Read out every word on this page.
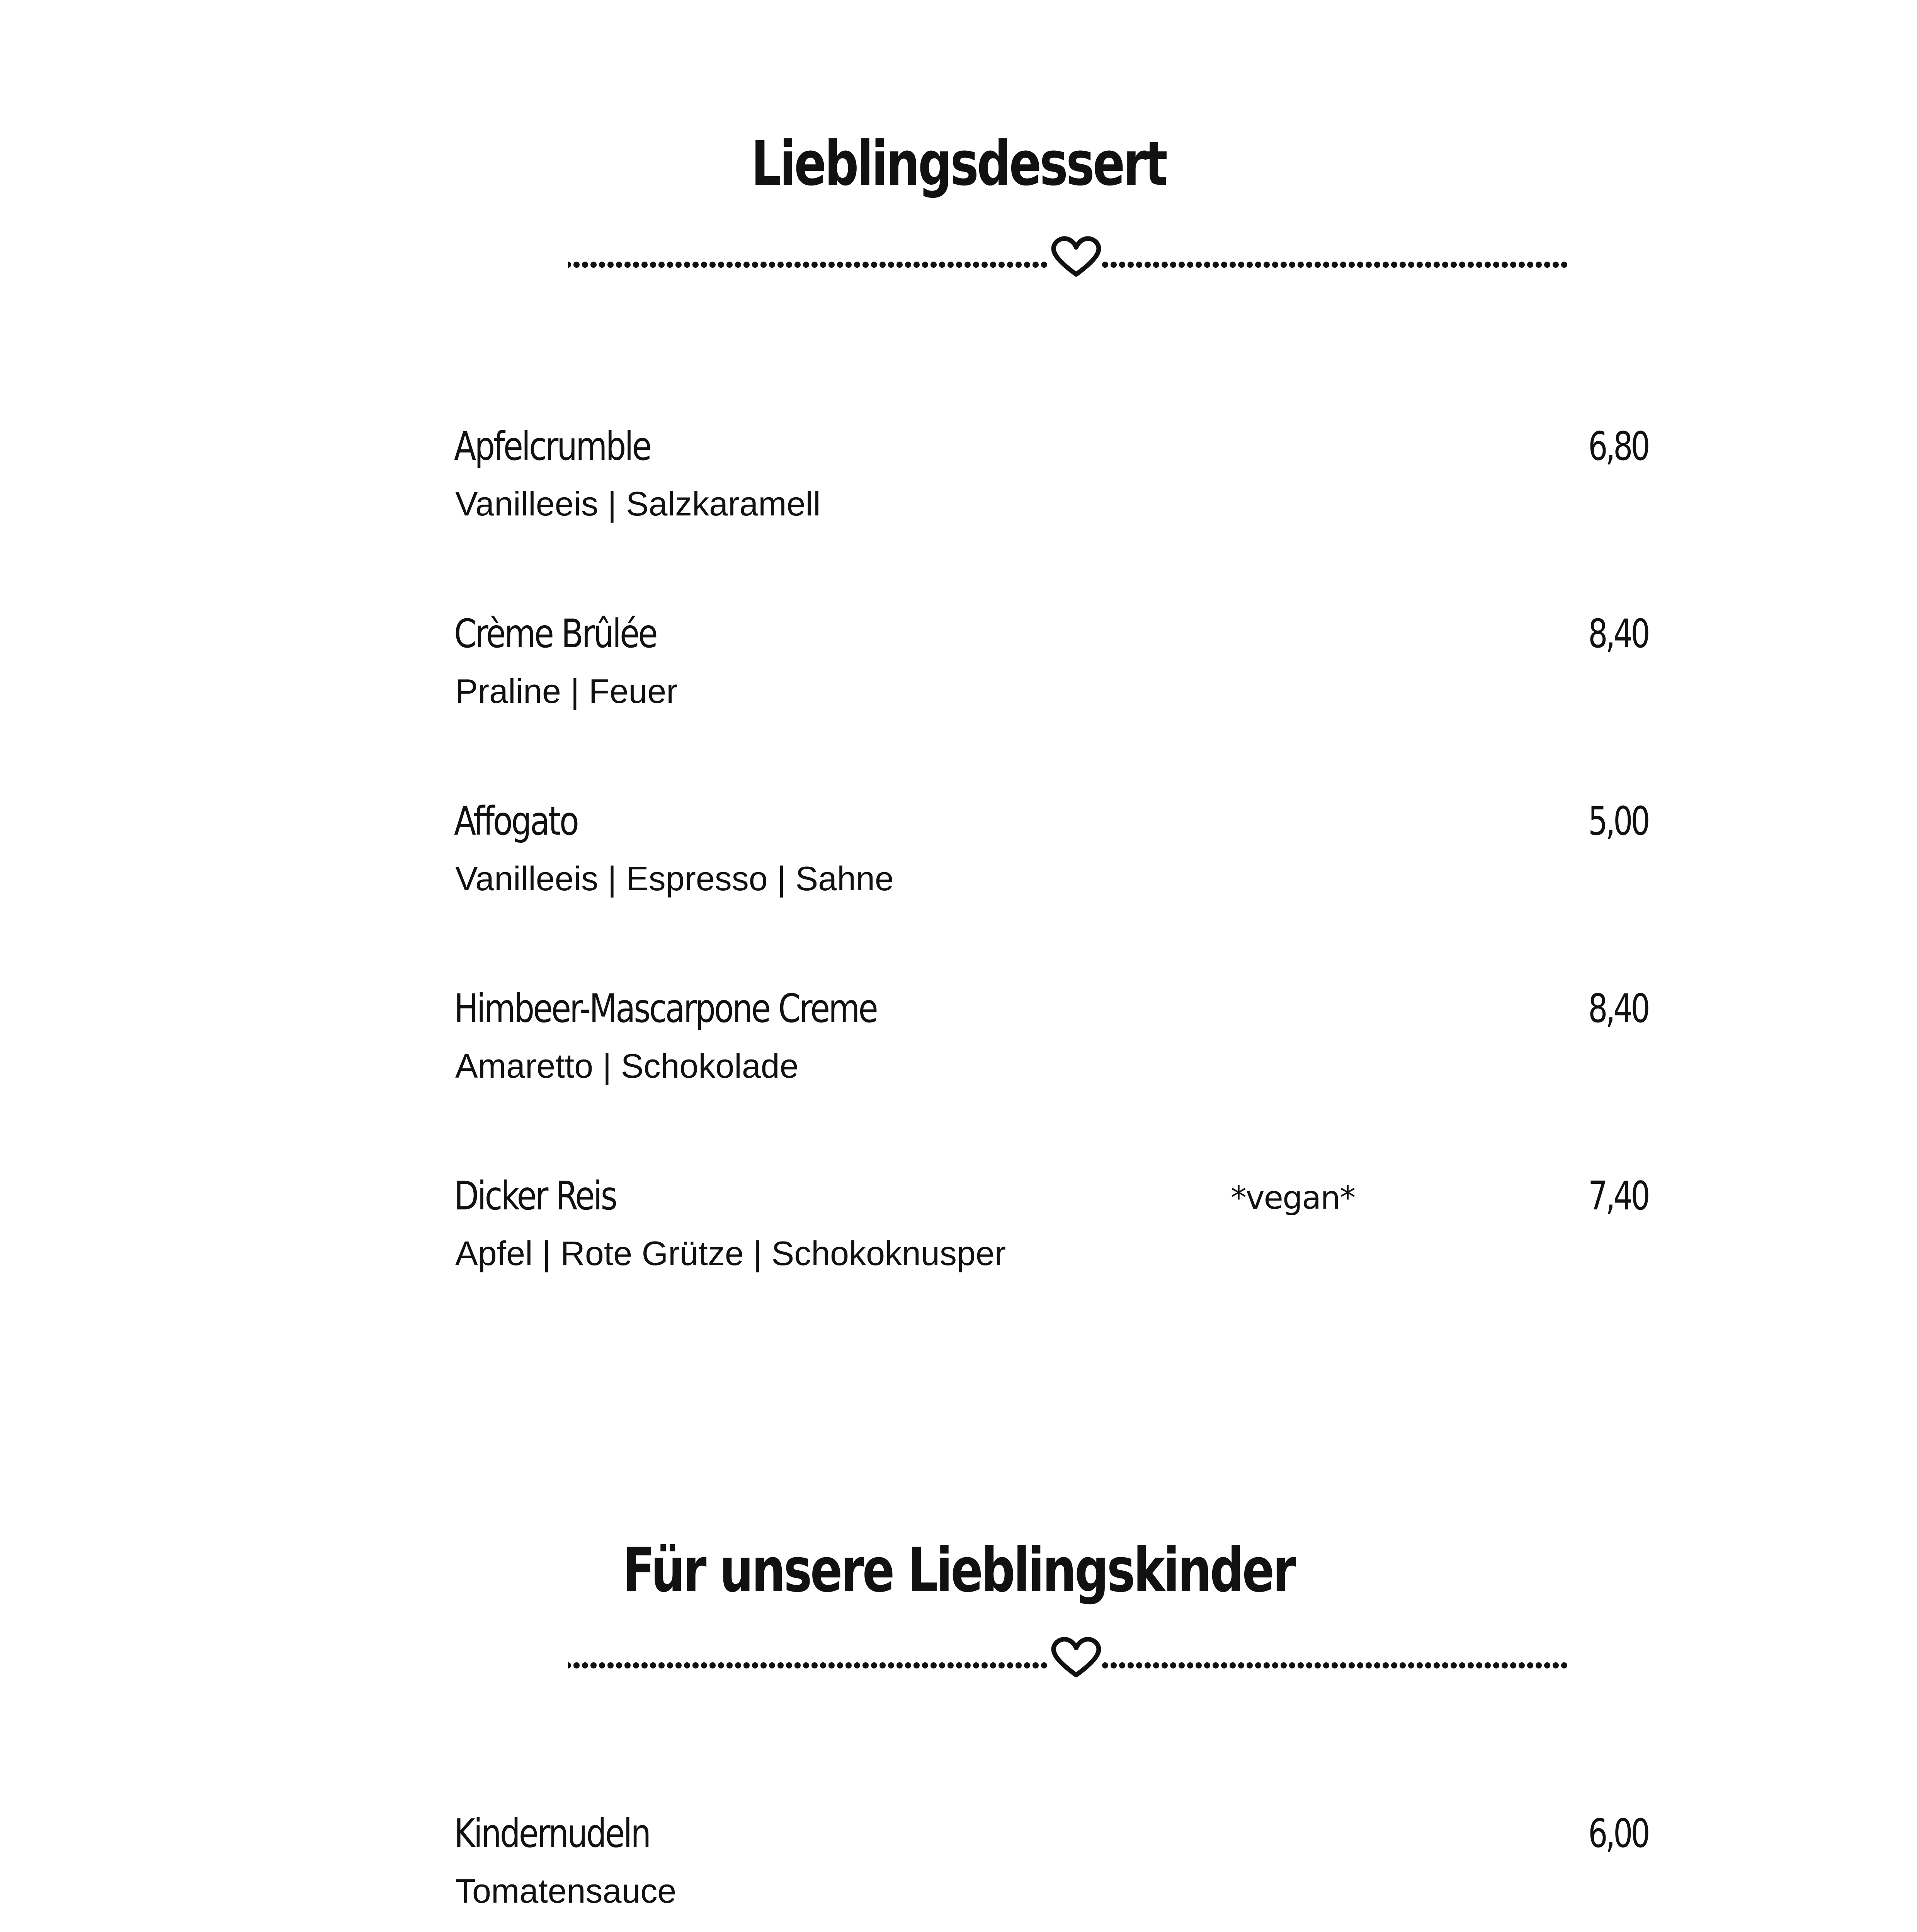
Lieblingsdessert
Apfelcrumble	6,80
Vanilleeis | Salzkaramell
Crème Brûlée	8,40
Praline | Feuer
Affogato	5,00
Vanilleeis | Espresso | Sahne
Himbeer-Mascarpone Creme	8,40
Amaretto | Schokolade
Dicker Reis	*vegan*	7,40
Apfel | Rote Grütze | Schokoknusper
Für unsere Lieblingskinder
Kindernudeln	6,00
Tomatensauce
